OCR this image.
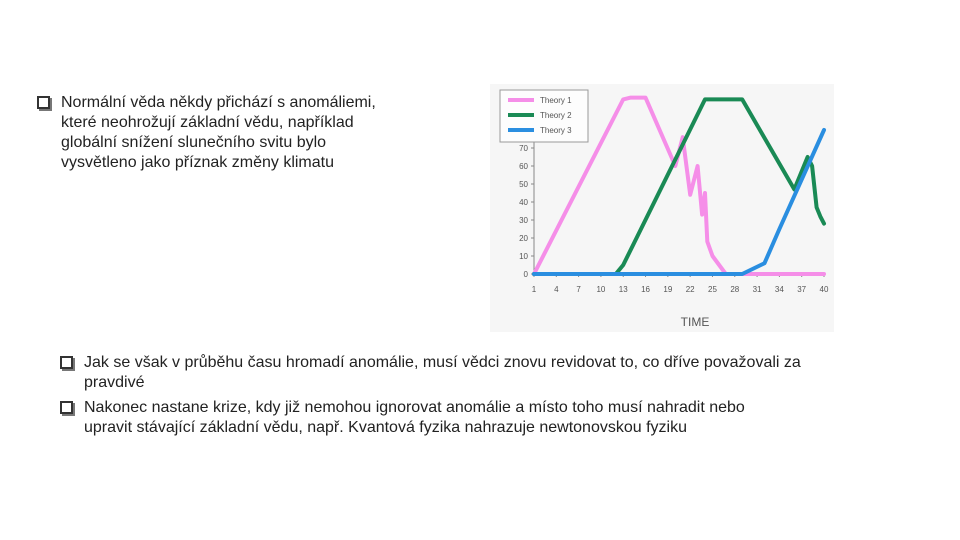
Normální věda někdy přichází s anomáliemi,
které neohrožují základní vědu, například
globální snížení slunečního svitu bylo
vysvětleno jako příznak změny klimatu
0
10
20
30
40
50
60
70
1 4 7 10 13 16 19 22 25 28 31 34 37 40
TIME
Theory 1
Theory 2
Theory 3
Jak se však v průběhu času hromadí anomálie, musí vědci znovu revidovat to, co dříve považovali za
pravdivé
Nakonec nastane krize, kdy již nemohou ignorovat anomálie a místo toho musí nahradit nebo
upravit stávající základní vědu, např. Kvantová fyzika nahrazuje newtonovskou fyziku
